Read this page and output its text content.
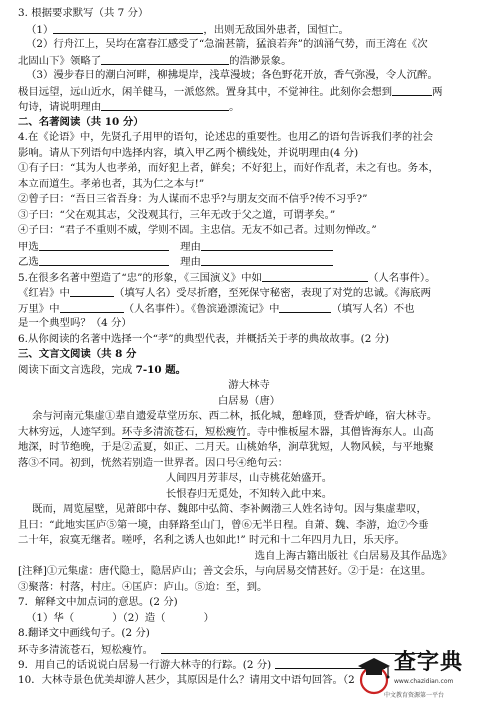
3. 根据要求默写（共 7 分）
（1）	，出则无敌国外患者，国恒亡。
（2）行舟江上，吴均在富春江感受了“急湍甚箭，猛浪若奔”的汹涌气势，而王湾在《次
北固山下》领略了	的浩渺景象。
（3）漫步春日的潮白河畔，柳拂堤岸，浅草漫坡；各色野花开放，香气弥漫，令人沉醉。
极目远望，远山近水，闲羊健马，一派悠然。置身其中，不觉神往。此刻你会想到	两
句诗，请说明理由	。
二、名著阅读（共 10 分）
4.在《论语》中，先贤孔子用甲的语句，论述忠的重要性。也用乙的语句告诉我们孝的社会
影响。请从下列语句中选择内容，填入甲乙两个横线处，并说明理由(4 分)
①有子曰：“其为人也孝弟，而好犯上者，鲜矣；不好犯上，而好作乱者，未之有也。务本，
本立而道生。孝弟也者，其为仁之本与!”
②曾子曰：“吾日三省吾身：为人谋而不忠乎?与朋友交而不信乎?传不习乎?”
③子曰：“父在观其志，父没观其行，三年无改于父之道，可谓孝矣。”
④子曰：“君子不重则不威，学则不固。主忠信。无友不如己者。过则勿惮改。”
甲选	理由
乙选	理由
5.在很多名著中塑造了“忠”的形象，《三国演义》中如	（人名事件）。
《红岩》中	（填写人名）受尽折磨，至死保守秘密，表现了对党的忠诚。《海底两
万里》中	（人名事件）。《鲁滨逊漂流记》中	（填写人名）不也
是一个典型吗？（4 分）
6.从你阅读的名著中选择一个“孝”的典型代表，并概括关于孝的典故故事。(2 分)
三、文言文阅读（共 8 分
阅读下面文言选段，完成 7-10 题。
游大林寺
白居易（唐）
余与河南元集虚①辈自遗爱草堂历东、西二林，抵化城，憩峰顶，登香炉峰，宿大林寺。
大林穷远，人迹罕到。环寺多清流苍石，短松瘦竹。寺中惟板屋木器，其僧皆海东人。山高
地深，时节绝晚，于是②孟夏，如正、二月天。山桃始华，涧草犹短，人物风候，与平地聚
落③不同。初到，恍然若别造一世界者。因口号④绝句云：
人间四月芳菲尽，山寺桃花始盛开。
长恨春归无觅处，不知转入此中来。
既而，周览屋壁，见萧郎中存、魏郎中弘简、李补阙渤三人姓名诗句。因与集虚辈叹，
且曰：“此地实匡庐⑤第一境，由驿路至山门，曾⑥无半日程。自萧、魏、李游，迨⑦今垂
二十年，寂寞无继者。嗟呼，名利之诱人也如此!” 时元和十二年四月九日，乐天序。
选自上海古籍出版社《白居易及其作品选》
[注释]①元集虚：唐代隐士，隐居庐山；善文会乐，与向居易交情甚好。②于是：在这里。
③聚落：村落，村庄。④匡庐：庐山。⑤迨：至，到。
7．解释文中加点词的意思。(2 分)
（1）华（	）（2）造（	）
8.翻译文中画线句子。(2 分)
环寺多清流苍石，短松瘦竹。
9．用自己的话说说白居易一行游大林寺的行踪。(2 分)
10．大林寺景色优美却游人甚少，其原因是什么？请用文中语句回答。（2
查字典
www.chazidian.com
中文教育资源第一平台
